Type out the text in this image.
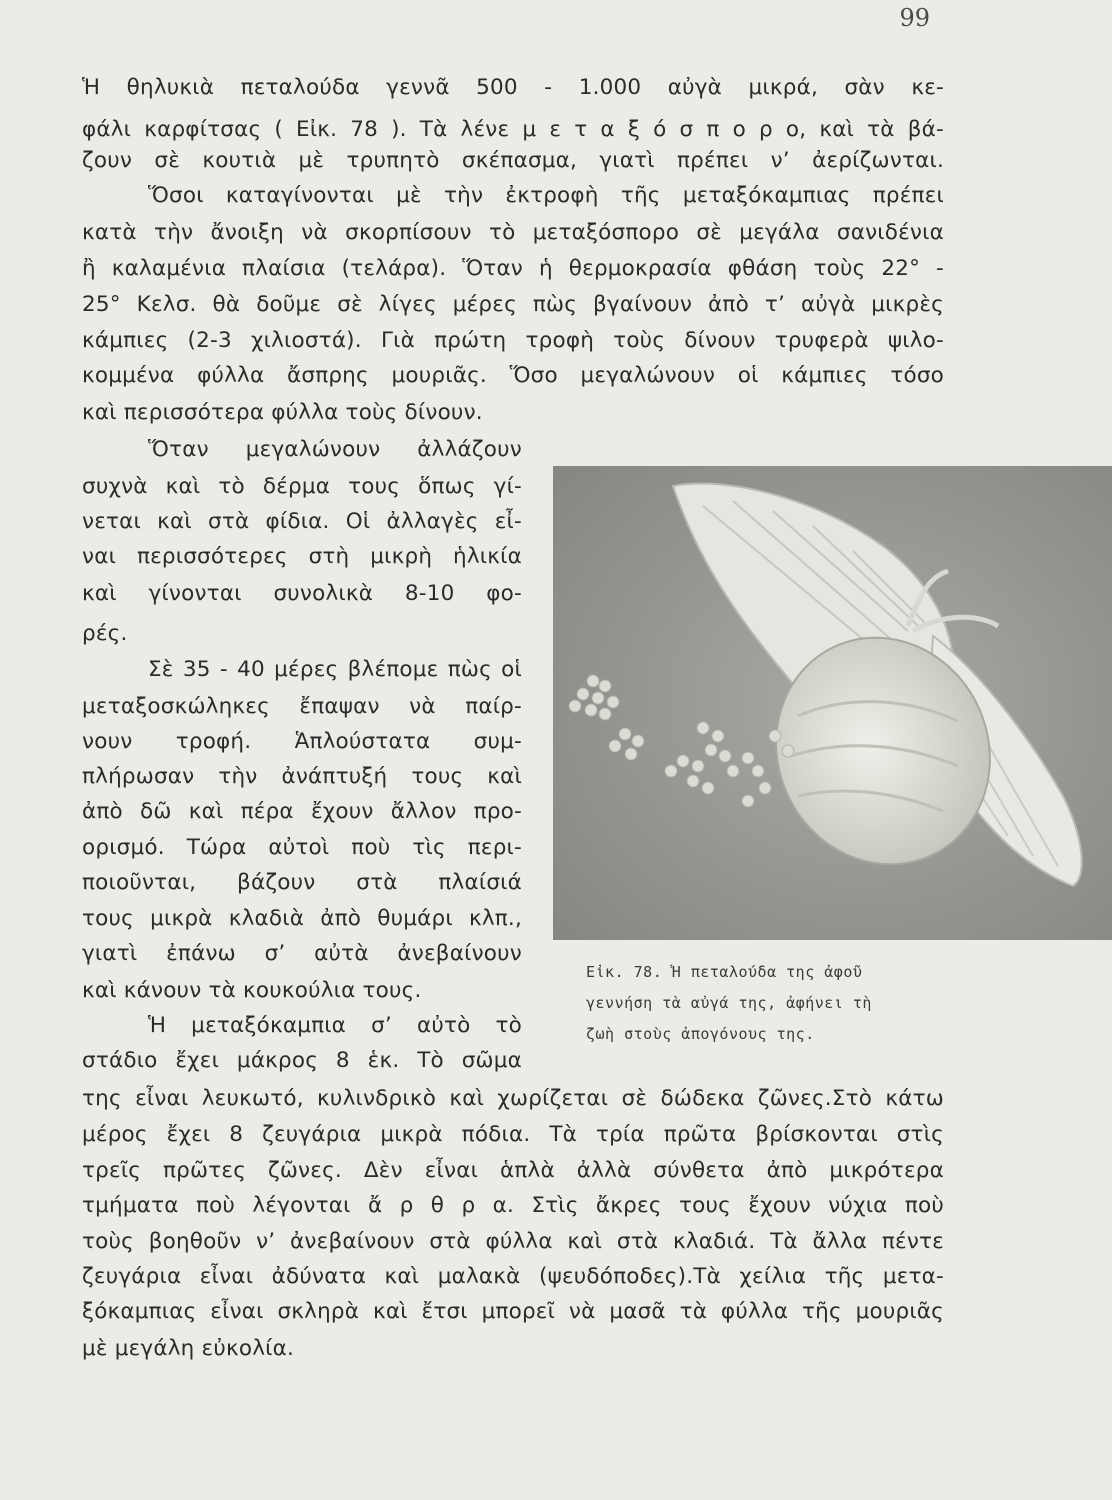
99

Ἡ θηλυκιὰ πεταλούδα γεννᾶ 500 - 1.000 αὐγὰ μικρά, σὰν κε-

φάλι καρφίτσας ( Εἰκ. 78 ). Τὰ λένε μ ε τ α ξ ό σ π ο ρ ο, καὶ τὰ βά-

ζουν σὲ κουτιὰ μὲ τρυπητὸ σκέπασμα, γιατὶ πρέπει ν’ ἀερίζωνται.

Ὅσοι καταγίνονται μὲ τὴν ἐκτροφὴ τῆς μεταξόκαμπιας πρέπει

κατὰ τὴν ἄνοιξη νὰ σκορπίσουν τὸ μεταξόσπορο σὲ μεγάλα σανιδένια

ἢ καλαμένια πλαίσια (τελάρα). Ὅταν ἡ θερμοκρασία φθάση τοὺς 22° -

25° Κελσ. θὰ δοῦμε σὲ λίγες μέρες πὼς βγαίνουν ἀπὸ τ’ αὐγὰ μικρὲς

κάμπιες (2-3 χιλιοστά). Γιὰ πρώτη τροφὴ τοὺς δίνουν τρυφερὰ ψιλο-

κομμένα φύλλα ἄσπρης μουριᾶς. Ὅσο μεγαλώνουν οἱ κάμπιες τόσο

καὶ περισσότερα φύλλα τοὺς δίνουν.

Ὅταν μεγαλώνουν ἀλλάζουν

συχνὰ καὶ τὸ δέρμα τους ὅπως γί-

νεται καὶ στὰ φίδια. Οἱ ἀλλαγὲς εἶ-

ναι περισσότερες στὴ μικρὴ ἡλικία

καὶ γίνονται συνολικὰ 8-10 φο-

ρές.

Σὲ 35 - 40 μέρες βλέπομε πὼς οἱ

μεταξοσκώληκες ἔπαψαν νὰ παίρ-

νουν τροφή. Ἁπλούστατα συμ-

πλήρωσαν τὴν ἀνάπτυξή τους καὶ

ἀπὸ δῶ καὶ πέρα ἔχουν ἄλλον προ-

ορισμό. Τώρα αὐτοὶ ποὺ τὶς περι-

ποιοῦνται, βάζουν στὰ πλαίσιά

τους μικρὰ κλαδιὰ ἀπὸ θυμάρι κλπ.,

γιατὶ ἐπάνω σ’ αὐτὰ ἀνεβαίνουν

καὶ κάνουν τὰ κουκούλια τους.

Ἡ μεταξόκαμπια σ’ αὐτὸ τὸ

στάδιο ἔχει μάκρος 8 ἑκ. Τὸ σῶμα

της εἶναι λευκωτό, κυλινδρικὸ καὶ χωρίζεται σὲ δώδεκα ζῶνες.Στὸ κάτω

μέρος ἔχει 8 ζευγάρια μικρὰ πόδια. Τὰ τρία πρῶτα βρίσκονται στὶς

τρεῖς πρῶτες ζῶνες. Δὲν εἶναι ἁπλὰ ἀλλὰ σύνθετα ἀπὸ μικρότερα

τμήματα ποὺ λέγονται ἄ ρ θ ρ α. Στὶς ἄκρες τους ἔχουν νύχια ποὺ

τοὺς βοηθοῦν ν’ ἀνεβαίνουν στὰ φύλλα καὶ στὰ κλαδιά. Τὰ ἄλλα πέντε

ζευγάρια εἶναι ἀδύνατα καὶ μαλακὰ (ψευδόποδες).Τὰ χείλια τῆς μετα-

ξόκαμπιας εἶναι σκληρὰ καὶ ἔτσι μπορεῖ νὰ μασᾶ τὰ φύλλα τῆς μουριᾶς

μὲ μεγάλη εὐκολία.

Εἰκ. 78. Ἡ πεταλούδα της ἀφοῦ

γεννήση τὰ αὐγά της, ἀφήνει τὴ

ζωὴ στοὺς ἀπογόνους της.
